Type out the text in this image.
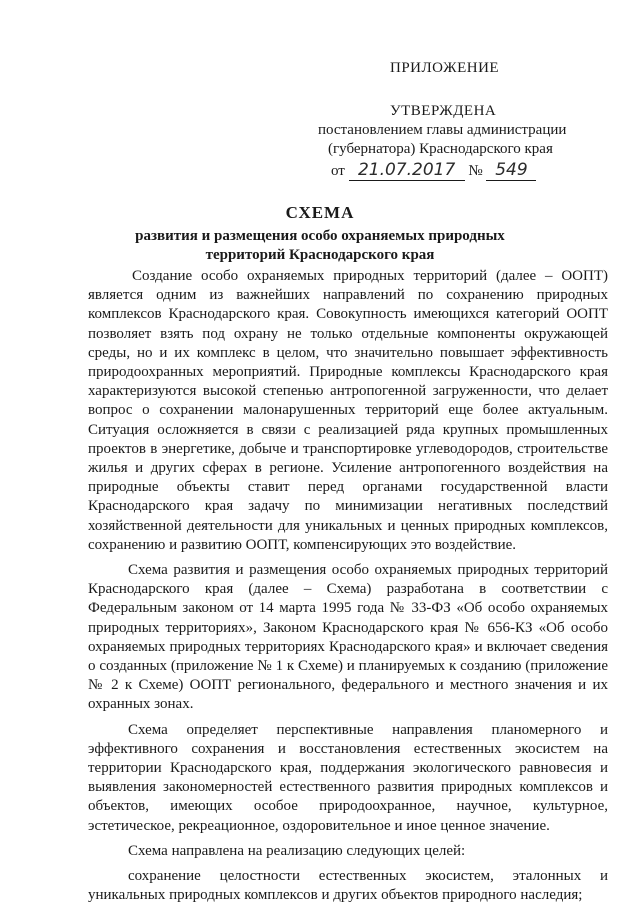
ПРИЛОЖЕНИЕ
УТВЕРЖДЕНА
постановлением главы администрации
(губернатора) Краснодарского края
от 21.07.2017 № 549
СХЕМА
развития и размещения особо охраняемых природных
территорий Краснодарского края

Создание особо охраняемых природных территорий (далее – ООПТ) является одним из важнейших направлений по сохранению природных комплексов Краснодарского края. Совокупность имеющихся категорий ООПТ позволяет взять под охрану не только отдельные компоненты окружающей среды, но и их комплекс в целом, что значительно повышает эффективность природоохранных мероприятий. Природные комплексы Краснодарского края характеризуются высокой степенью антропогенной загруженности, что делает вопрос о сохранении малонарушенных территорий еще более актуальным. Ситуация осложняется в связи с реализацией ряда крупных промышленных проектов в энергетике, добыче и транспортировке углеводородов, строительстве жилья и других сферах в регионе. Усиление антропогенного воздействия на природные объекты ставит перед органами государственной власти Краснодарского края задачу по минимизации негативных последствий хозяйственной деятельности для уникальных и ценных природных комплексов, сохранению и развитию ООПТ, компенсирующих это воздействие.

Схема развития и размещения особо охраняемых природных территорий Краснодарского края (далее – Схема) разработана в соответствии с Федеральным законом от 14 марта 1995 года № 33-ФЗ «Об особо охраняемых природных территориях», Законом Краснодарского края № 656-КЗ «Об особо охраняемых природных территориях Краснодарского края» и включает сведения о созданных (приложение № 1 к Схеме) и планируемых к созданию (приложение № 2 к Схеме) ООПТ регионального, федерального и местного значения и их охранных зонах.

Схема определяет перспективные направления планомерного и эффективного сохранения и восстановления естественных экосистем на территории Краснодарского края, поддержания экологического равновесия и выявления закономерностей естественного развития природных комплексов и объектов, имеющих особое природоохранное, научное, культурное, эстетическое, рекреационное, оздоровительное и иное ценное значение.

Схема направлена на реализацию следующих целей:

сохранение целостности естественных экосистем, эталонных и уникальных природных комплексов и других объектов природного наследия;
